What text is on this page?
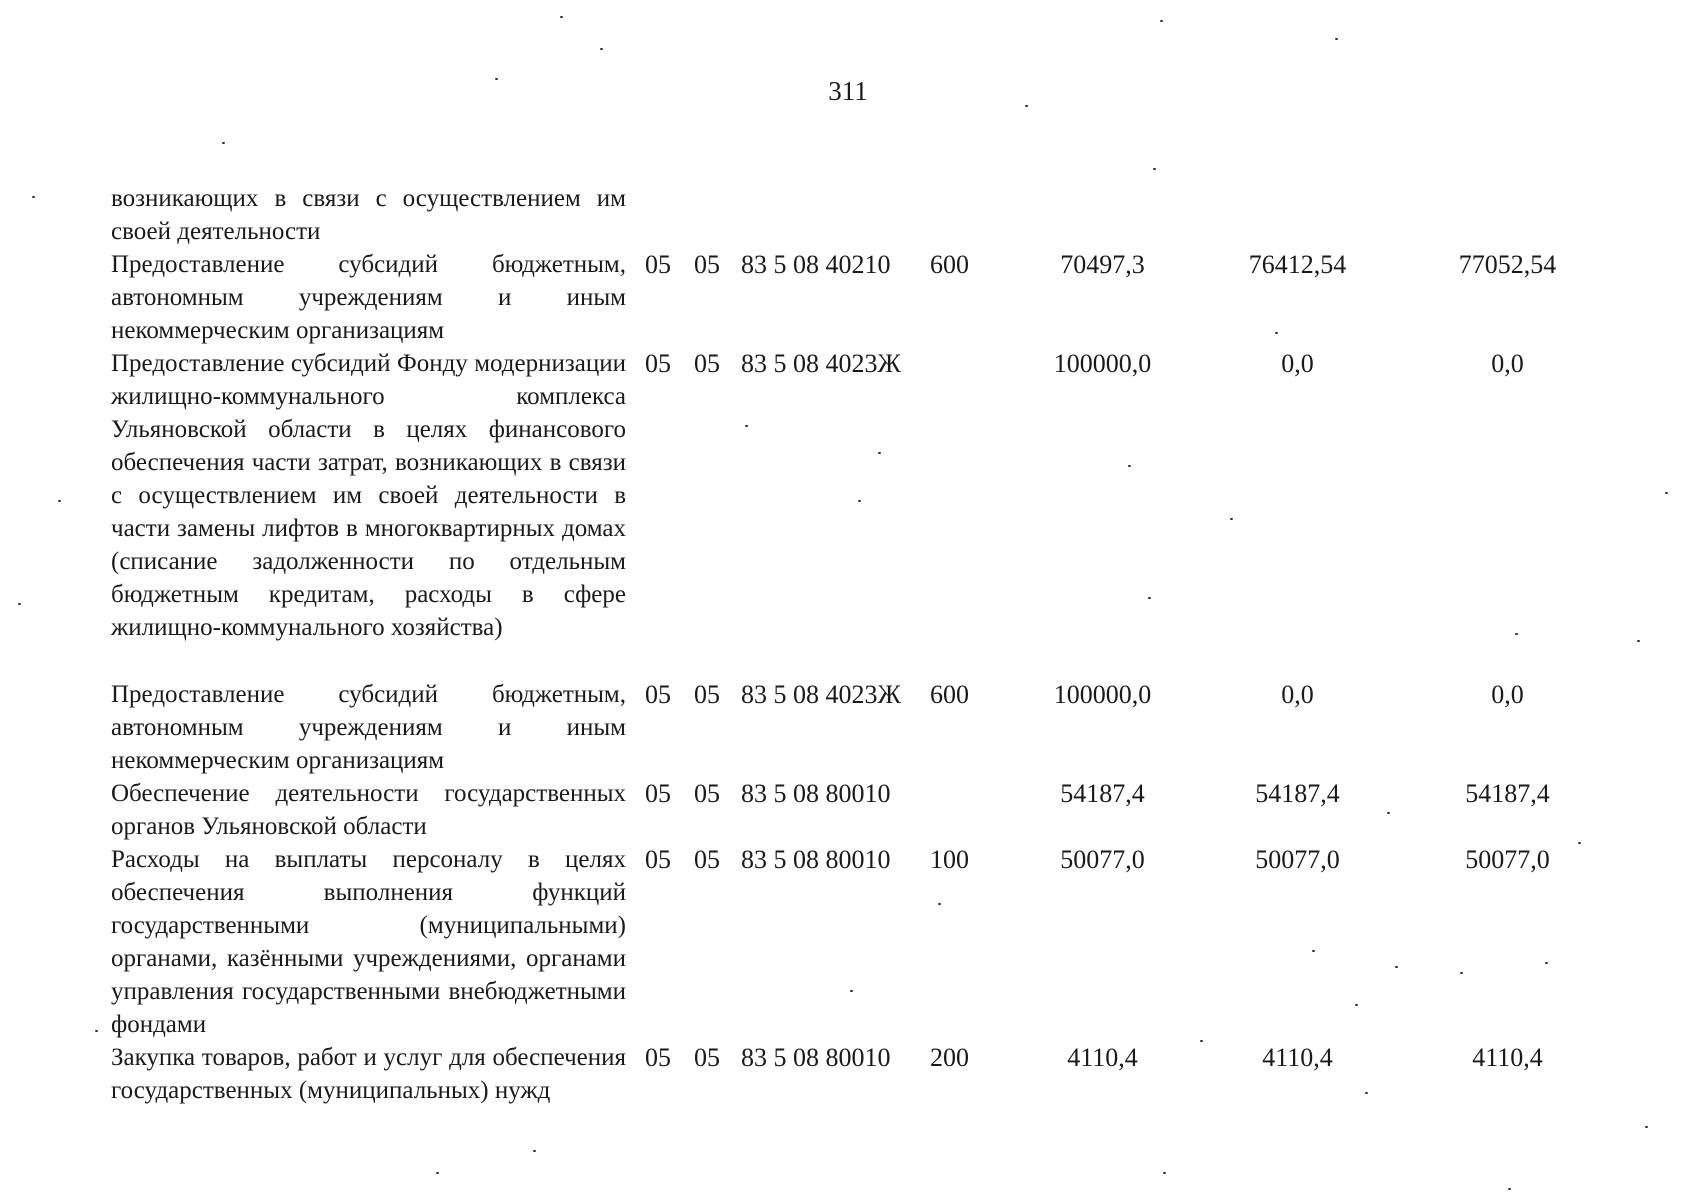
311
возникающих в связи с осуществлением им своей деятельности
Предоставление субсидий бюджетным, автономным учреждениям и иным некоммерческим организациям
05 05 83 5 08 40210 600	70497,3	76412,54	77052,54
Предоставление субсидий Фонду модернизации жилищно-коммунального комплекса Ульяновской области в целях финансового обеспечения части затрат, возникающих в связи с осуществлением им своей деятельности в части замены лифтов в многоквартирных домах (списание задолженности по отдельным бюджетным кредитам, расходы в сфере жилищно-коммунального хозяйства)
05 05 83 5 08 4023Ж	100000,0	0,0	0,0
Предоставление субсидий бюджетным, автономным учреждениям и иным некоммерческим организациям
05 05 83 5 08 4023Ж 600	100000,0	0,0	0,0
Обеспечение деятельности государственных органов Ульяновской области
05 05 83 5 08 80010	54187,4	54187,4	54187,4
Расходы на выплаты персоналу в целях обеспечения выполнения функций государственными (муниципальными) органами, казёнными учреждениями, органами управления государственными внебюджетными фондами
05 05 83 5 08 80010 100	50077,0	50077,0	50077,0
Закупка товаров, работ и услуг для обеспечения государственных (муниципальных) нужд
05 05 83 5 08 80010 200	4110,4	4110,4	4110,4
